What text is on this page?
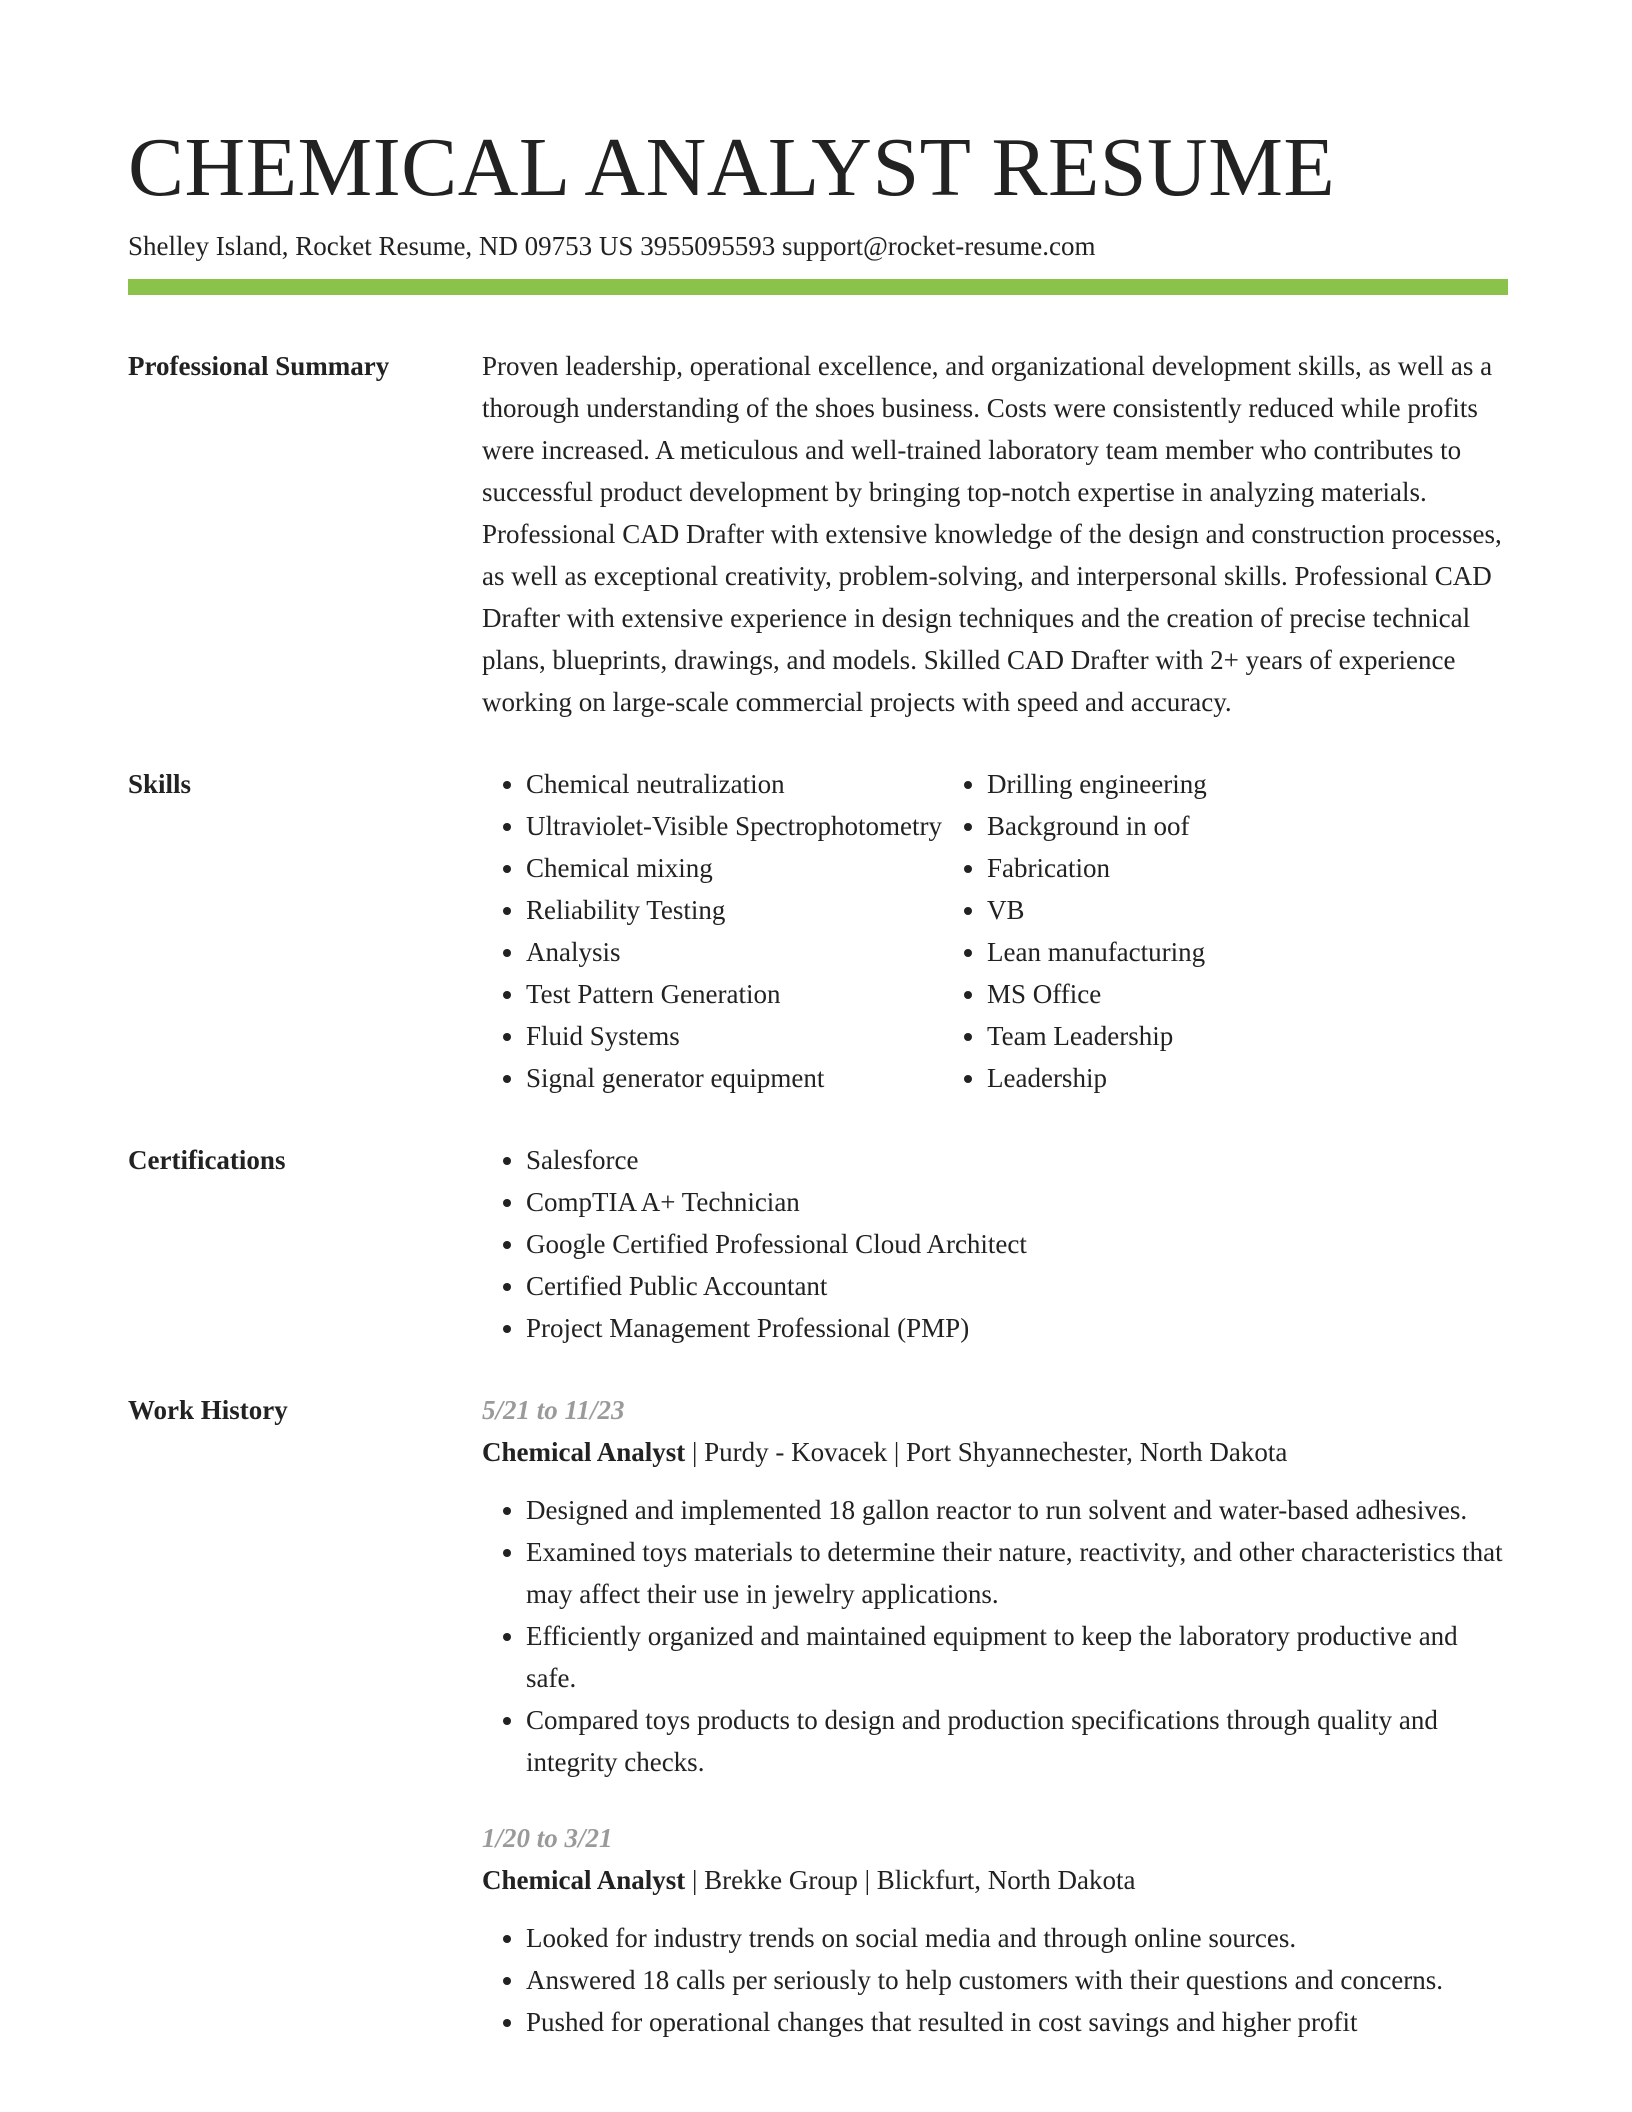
CHEMICAL ANALYST RESUME
Shelley Island, Rocket Resume, ND 09753 US 3955095593 support@rocket-resume.com
Professional Summary	Proven leadership, operational excellence, and organizational development skills, as well as a thorough understanding of the shoes business. Costs were consistently reduced while profits were increased. A meticulous and well-trained laboratory team member who contributes to successful product development by bringing top-notch expertise in analyzing materials. Professional CAD Drafter with extensive knowledge of the design and construction processes, as well as exceptional creativity, problem-solving, and interpersonal skills. Professional CAD Drafter with extensive experience in design techniques and the creation of precise technical plans, blueprints, drawings, and models. Skilled CAD Drafter with 2+ years of experience working on large-scale commercial projects with speed and accuracy.

Skills	• Chemical neutralization
• Ultraviolet-Visible Spectrophotometry
• Chemical mixing
• Reliability Testing
• Analysis
• Test Pattern Generation
• Fluid Systems
• Signal generator equipment
• Drilling engineering
• Background in oof
• Fabrication
• VB
• Lean manufacturing
• MS Office
• Team Leadership
• Leadership
Certifications	• Salesforce
• CompTIA A+ Technician
• Google Certified Professional Cloud Architect
• Certified Public Accountant
• Project Management Professional (PMP)
Work History	5/21 to 11/23
Chemical Analyst | Purdy - Kovacek | Port Shyannechester, North Dakota
• Designed and implemented 18 gallon reactor to run solvent and water-based adhesives.
• Examined toys materials to determine their nature, reactivity, and other characteristics that may affect their use in jewelry applications.
• Efficiently organized and maintained equipment to keep the laboratory productive and safe.
• Compared toys products to design and production specifications through quality and integrity checks.
1/20 to 3/21
Chemical Analyst | Brekke Group | Blickfurt, North Dakota
• Looked for industry trends on social media and through online sources.
• Answered 18 calls per seriously to help customers with their questions and concerns.
• Pushed for operational changes that resulted in cost savings and higher profit
